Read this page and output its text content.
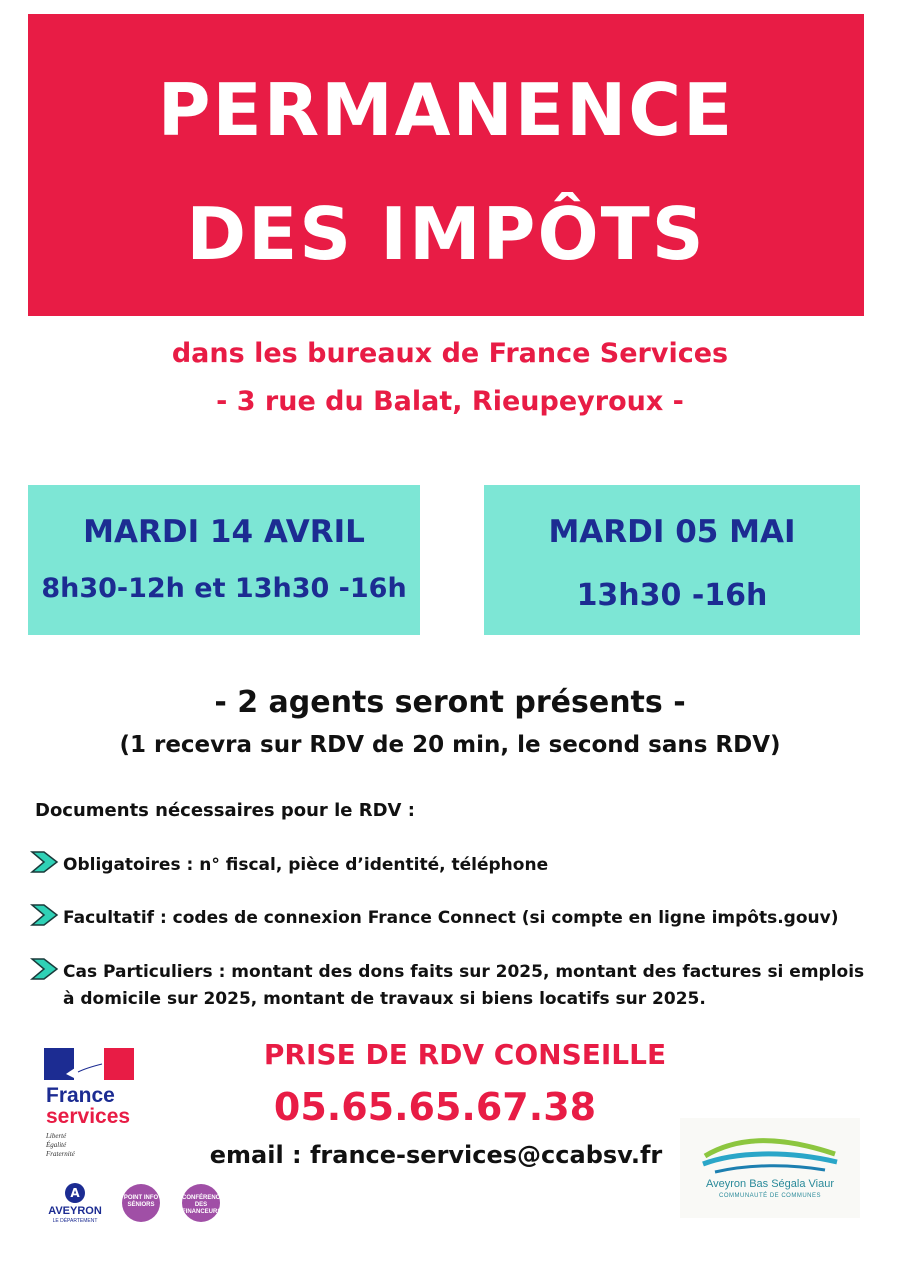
PERMANENCE
DES IMPÔTS
dans les bureaux de France Services
- 3 rue du Balat, Rieupeyroux -
MARDI 14 AVRIL
8h30-12h et 13h30 -16h
MARDI 05 MAI
13h30 -16h
- 2 agents seront présents -
(1 recevra sur RDV de 20 min, le second sans RDV)
Documents nécessaires pour le RDV :
Obligatoires : n° fiscal, pièce d’identité, téléphone
Facultatif : codes de connexion France Connect (si compte en ligne impôts.gouv)
Cas Particuliers : montant des dons faits sur 2025, montant des factures si emplois à domicile sur 2025, montant de travaux si biens locatifs sur 2025.
France
services
Liberté
Égalité
Fraternité
A
AVEYRON
LE DÉPARTEMENT
POINT INFO SÉNIORS
CONFÉRENCE DES FINANCEURS
PRISE DE RDV CONSEILLE
05.65.65.67.38
email : france-services@ccabsv.fr
Aveyron Bas Ségala Viaur
COMMUNAUTÉ DE COMMUNES
